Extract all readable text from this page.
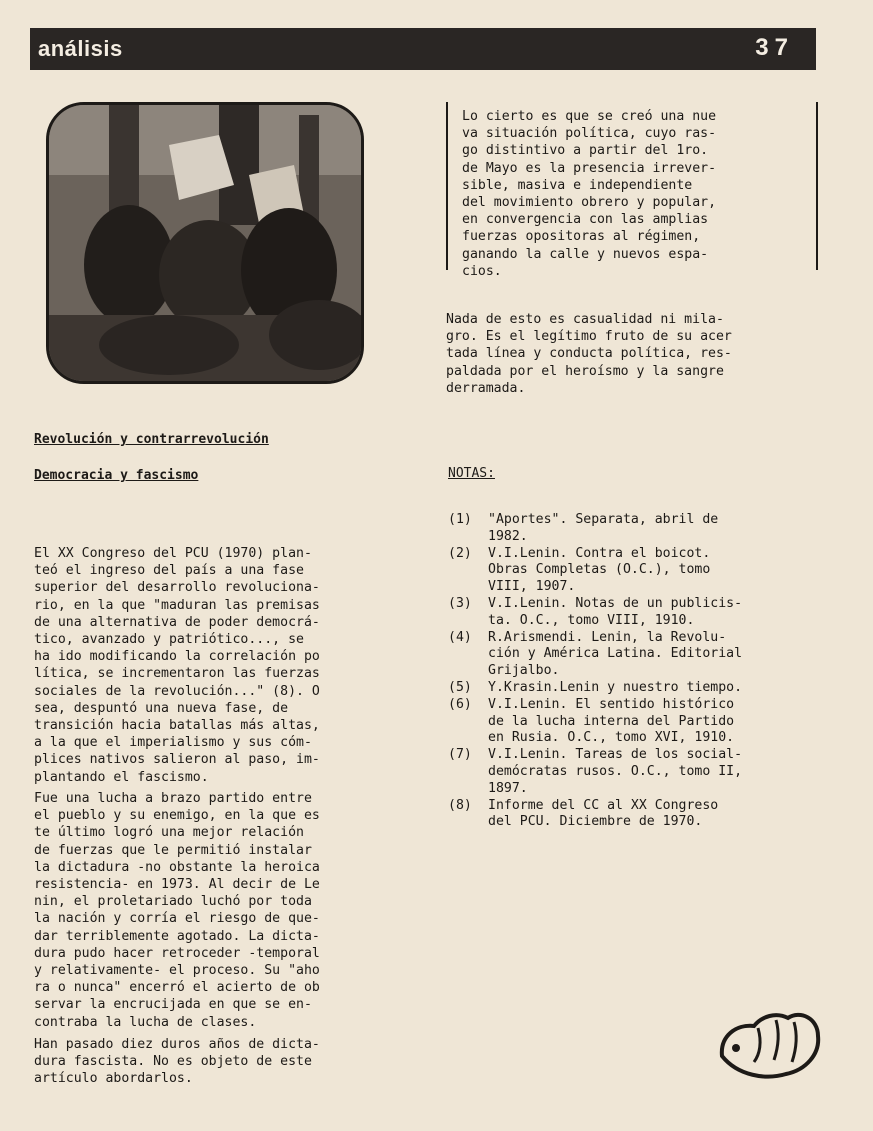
análisis	37
Lo cierto es que se creó una nue
va situación política, cuyo ras-
go distintivo a partir del 1ro.
de Mayo es la presencia irrever-
sible, masiva e independiente
del movimiento obrero y popular,
en convergencia con las amplias
fuerzas opositoras al régimen,
ganando la calle y nuevos espa-
cios.
Nada de esto es casualidad ni mila-
gro. Es el legítimo fruto de su acer
tada línea y conducta política, res-
paldada por el heroísmo y la sangre
derramada.
Revolución y contrarrevolución
Democracia y fascismo
El XX Congreso del PCU (1970) plan-
teó el ingreso del país a una fase
superior del desarrollo revoluciona-
rio, en la que "maduran las premisas
de una alternativa de poder democrá-
tico, avanzado y patriótico..., se
ha ido modificando la correlación po
lítica, se incrementaron las fuerzas
sociales de la revolución..." (8). O
sea, despuntó una nueva fase, de
transición hacia batallas más altas,
a la que el imperialismo y sus cóm-
plices nativos salieron al paso, im-
plantando el fascismo.
Fue una lucha a brazo partido entre
el pueblo y su enemigo, en la que es
te último logró una mejor relación
de fuerzas que le permitió instalar
la dictadura -no obstante la heroica
resistencia- en 1973. Al decir de Le
nin, el proletariado luchó por toda
la nación y corría el riesgo de que-
dar terriblemente agotado. La dicta-
dura pudo hacer retroceder -temporal
y relativamente- el proceso. Su "aho
ra o nunca" encerró el acierto de ob
servar la encrucijada en que se en-
contraba la lucha de clases.
Han pasado diez duros años de dicta-
dura fascista. No es objeto de este
artículo abordarlos.
NOTAS:
(1)	"Aportes". Separata, abril de
1982.
(2)	V.I.Lenin. Contra el boicot.
Obras Completas (O.C.), tomo
VIII, 1907.
(3)	V.I.Lenin. Notas de un publicis-
ta. O.C., tomo VIII, 1910.
(4)	R.Arismendi. Lenin, la Revolu-
ción y América Latina. Editorial
Grijalbo.
(5)	Y.Krasin.Lenin y nuestro tiempo.
(6)	V.I.Lenin. El sentido histórico
de la lucha interna del Partido
en Rusia. O.C., tomo XVI, 1910.
(7)	V.I.Lenin. Tareas de los social-
demócratas rusos. O.C., tomo II,
1897.
(8)	Informe del CC al XX Congreso
del PCU. Diciembre de 1970.
